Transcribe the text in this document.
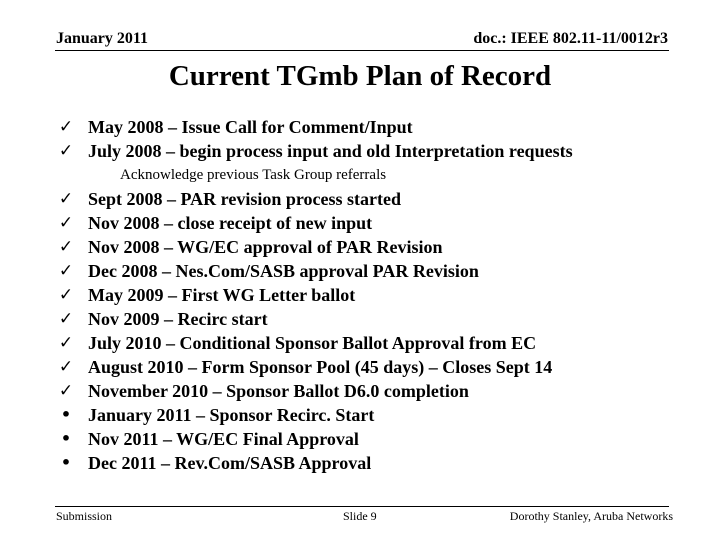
January 2011	doc.: IEEE 802.11-11/0012r3
Current TGmb Plan of Record
✓ May 2008 – Issue Call for Comment/Input
✓ July 2008 – begin process input and old Interpretation requests
Acknowledge previous Task Group referrals
✓ Sept 2008 – PAR revision process started
✓ Nov 2008 – close receipt of new input
✓ Nov 2008 – WG/EC approval of PAR Revision
✓ Dec 2008 – Nes.Com/SASB approval PAR Revision
✓ May 2009 – First WG Letter ballot
✓ Nov 2009 – Recirc start
✓ July 2010 – Conditional Sponsor Ballot Approval from EC
✓ August 2010 – Form Sponsor Pool (45 days) – Closes Sept 14
✓ November 2010 – Sponsor Ballot D6.0 completion
• January 2011 – Sponsor Recirc. Start
• Nov 2011 – WG/EC Final Approval
• Dec 2011 – Rev.Com/SASB Approval
Submission	Slide 9	Dorothy Stanley, Aruba Networks
